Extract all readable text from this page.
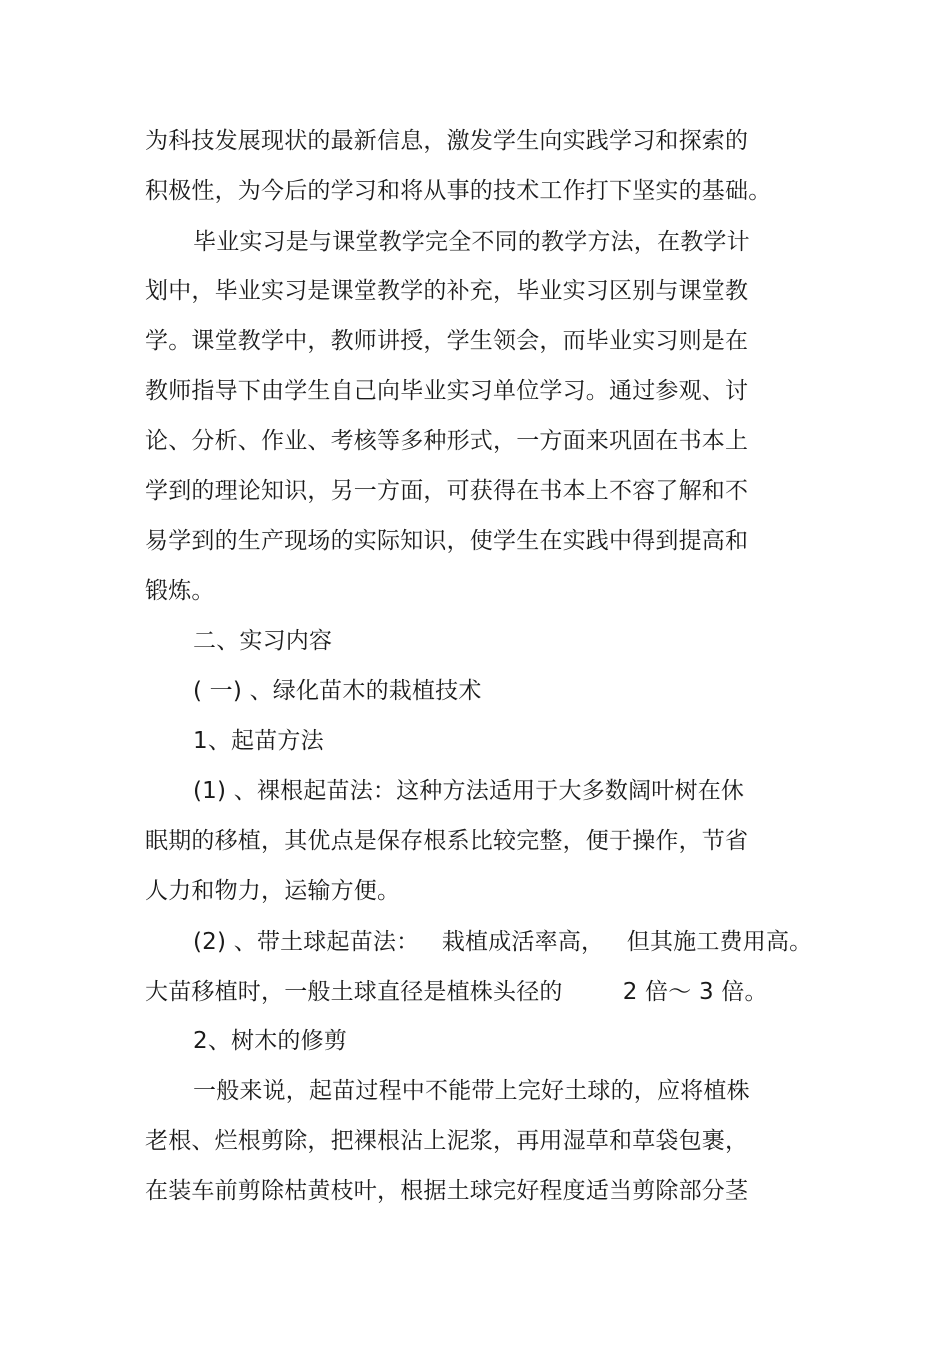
为科技发展现状的最新信息，激发学生向实践学习和探索的
积极性，为今后的学习和将从事的技术工作打下坚实的基础。
毕业实习是与课堂教学完全不同的教学方法，在教学计
划中，毕业实习是课堂教学的补充，毕业实习区别与课堂教
学。课堂教学中，教师讲授，学生领会，而毕业实习则是在
教师指导下由学生自己向毕业实习单位学习。通过参观、讨
论、分析、作业、考核等多种形式，一方面来巩固在书本上
学到的理论知识，另一方面，可获得在书本上不容了解和不
易学到的生产现场的实际知识，使学生在实践中得到提高和
锻炼。
二、实习内容
( 一) 、绿化苗木的栽植技术
1、起苗方法
(1) 、裸根起苗法：这种方法适用于大多数阔叶树在休
眠期的移植，其优点是保存根系比较完整，便于操作，节省
人力和物力，运输方便。
(2) 、带土球起苗法：   栽植成活率高，   但其施工费用高。
大苗移植时，一般土球直径是植株头径的        2 倍～ 3 倍。
2、树木的修剪
一般来说，起苗过程中不能带上完好土球的，应将植株
老根、烂根剪除，把裸根沾上泥浆，再用湿草和草袋包裹，
在装车前剪除枯黄枝叶，根据土球完好程度适当剪除部分茎
